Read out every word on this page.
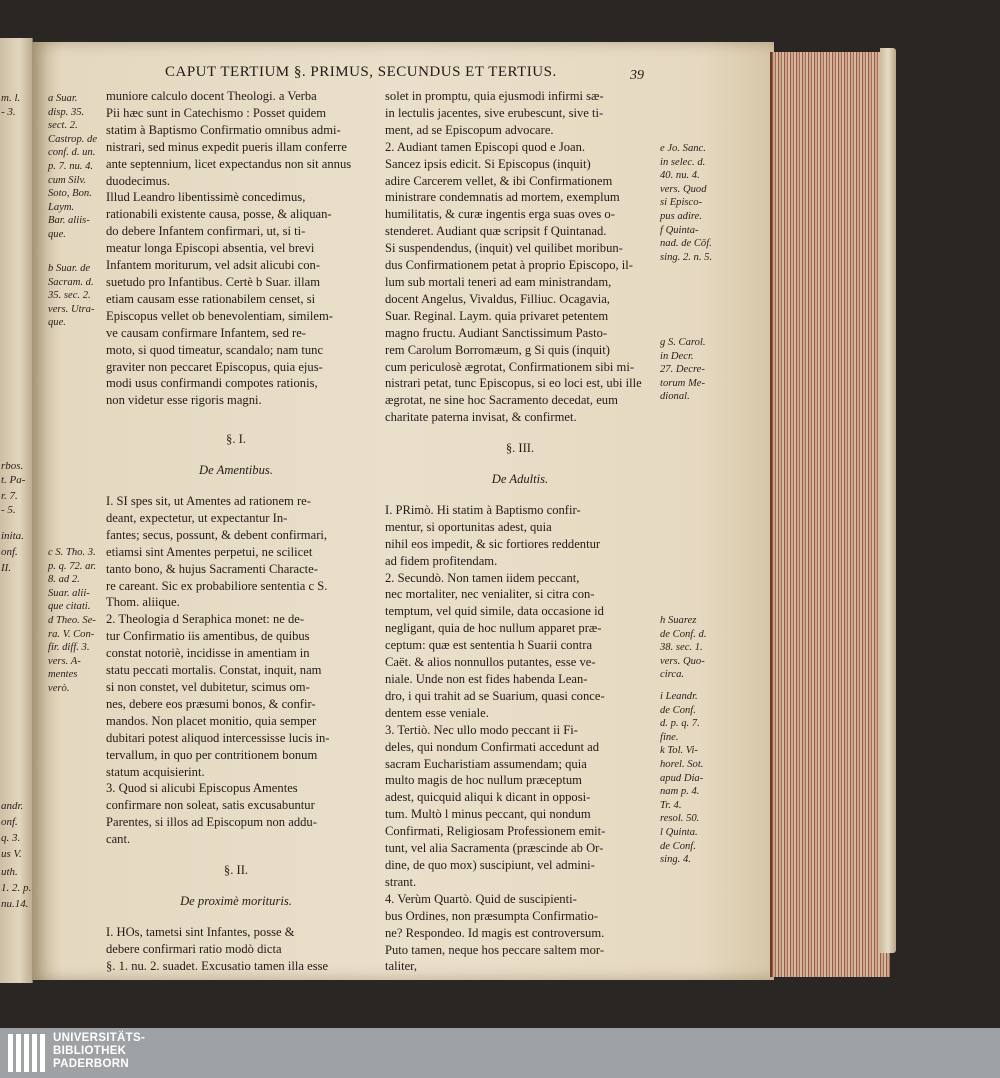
m. l.
- 3.
rbos.
t. Pa-
r. 7.
- 5.
inita.
onf.
II.
andr.
onf.
q. 3.
us V.
uth.
1. 2. p.
nu.14.
CAPUT TERTIUM §. PRIMUS, SECUNDUS ET TERTIUS.	39

a Suar.

disp. 35.

sect. 2.

Castrop. de

conf. d. un.

p. 7. nu. 4.

cum Silv.

Soto, Bon.

Laym.

Bar. aliis-

que.

b Suar. de

Sacram. d.

35. sec. 2.

vers. Utra-

que.

c S. Tho. 3.

p. q. 72. ar.

8. ad 2.

Suar. alii-

que citati.

d Theo. Se-

ra. V. Con-

fir. diff. 3.

vers. A-

mentes

verò.

e Jo. Sanc.

in selec. d.

40. nu. 4.

vers. Quod

si Episco-

pus adire.

f Quinta-

nad. de Cōf.

sing. 2. n. 5.

g S. Carol.

in Decr.

27. Decre-

torum Me-

dional.

h Suarez

de Conf. d.

38. sec. 1.

vers. Quo-

circa.

i Leandr.

de Conf.

d. p. q. 7.

fine.

k Tol. Vi-

horel. Sot.

apud Dia-

nam p. 4.

Tr. 4.

resol. 50.

l Quinta.

de Conf.

sing. 4.

muniore calculo docent Theologi. a Verba

Pii hæc sunt in Catechismo : Posset quidem

statim à Baptismo Confirmatio omnibus admi-

nistrari, sed minus expedit pueris illam conferre

ante septennium, licet expectandus non sit annus

duodecimus.

Illud Leandro libentissimè concedimus,

rationabili existente causa, posse, & aliquan-

do debere Infantem confirmari, ut, si ti-

meatur longa Episcopi absentia, vel brevi

Infantem moriturum, vel adsit alicubi con-

suetudo pro Infantibus. Certè b Suar. illam

etiam causam esse rationabilem censet, si

Episcopus vellet ob benevolentiam, similem-

ve causam confirmare Infantem, sed re-

moto, si quod timeatur, scandalo; nam tunc

graviter non peccaret Episcopus, quia ejus-

modi usus confirmandi compotes rationis,

non videtur esse rigoris magni.

§. I.

De Amentibus.

I. SI spes sit, ut Amentes ad rationem re-

deant, expectetur, ut expectantur In-

fantes; secus, possunt, & debent confirmari,

etiamsi sint Amentes perpetui, ne scilicet

tanto bono, & hujus Sacramenti Characte-

re careant. Sic ex probabiliore sententia c S.

Thom. aliique.

2. Theologia d Seraphica monet: ne de-

tur Confirmatio iis amentibus, de quibus

constat notoriè, incidisse in amentiam in

statu peccati mortalis. Constat, inquit, nam

si non constet, vel dubitetur, scimus om-

nes, debere eos præsumi bonos, & confir-

mandos. Non placet monitio, quia semper

dubitari potest aliquod intercessisse lucis in-

tervallum, in quo per contritionem bonum

statum acquisierint.

3. Quod si alicubi Episcopus Amentes

confirmare non soleat, satis excusabuntur

Parentes, si illos ad Episcopum non addu-

cant.

§. II.

De proximè morituris.

I. HOs, tametsi sint Infantes, posse &

debere confirmari ratio modò dicta

§. 1. nu. 2. suadet. Excusatio tamen illa esse

solet in promptu, quia ejusmodi infirmi sæ-

in lectulis jacentes, sive erubescunt, sive ti-

ment, ad se Episcopum advocare.

2. Audiant tamen Episcopi quod e Joan.

Sancez ipsis edicit. Si Episcopus (inquit)

adire Carcerem vellet, & ibi Confirmationem

ministrare condemnatis ad mortem, exemplum

humilitatis, & curæ ingentis erga suas oves o-

stenderet. Audiant quæ scripsit f Quintanad.

Si suspendendus, (inquit) vel quilibet moribun-

dus Confirmationem petat à proprio Episcopo, il-

lum sub mortali teneri ad eam ministrandam,

docent Angelus, Vivaldus, Filliuc. Ocagavia,

Suar. Reginal. Laym. quia privaret petentem

magno fructu. Audiant Sanctissimum Pasto-

rem Carolum Borromæum, g Si quis (inquit)

cum periculosè ægrotat, Confirmationem sibi mi-

nistrari petat, tunc Episcopus, si eo loci est, ubi ille

ægrotat, ne sine hoc Sacramento decedat, eum

charitate paterna invisat, & confirmet.

§. III.

De Adultis.

I. PRimò. Hi statim à Baptismo confir-

mentur, si oportunitas adest, quia

nihil eos impedit, & sic fortiores reddentur

ad fidem profitendam.

2. Secundò. Non tamen iidem peccant,

nec mortaliter, nec venialiter, si citra con-

temptum, vel quid simile, data occasione id

negligant, quia de hoc nullum apparet præ-

ceptum: quæ est sententia h Suarii contra

Caët. & alios nonnullos putantes, esse ve-

niale. Unde non est fides habenda Lean-

dro, i qui trahit ad se Suarium, quasi conce-

dentem esse veniale.

3. Tertiò. Nec ullo modo peccant ii Fi-

deles, qui nondum Confirmati accedunt ad

sacram Eucharistiam assumendam; quia

multo magis de hoc nullum præceptum

adest, quicquid aliqui k dicant in opposi-

tum. Multò l minus peccant, qui nondum

Confirmati, Religiosam Professionem emit-

tunt, vel alia Sacramenta (præscinde ab Or-

dine, de quo mox) suscipiunt, vel admini-

strant.

4. Verùm Quartò. Quid de suscipienti-

bus Ordines, non præsumpta Confirmatio-

ne? Respondeo. Id magis est controversum.

Puto tamen, neque hos peccare saltem mor-

taliter,

UNIVERSITÄTS-
BIBLIOTHEK
PADERBORN
